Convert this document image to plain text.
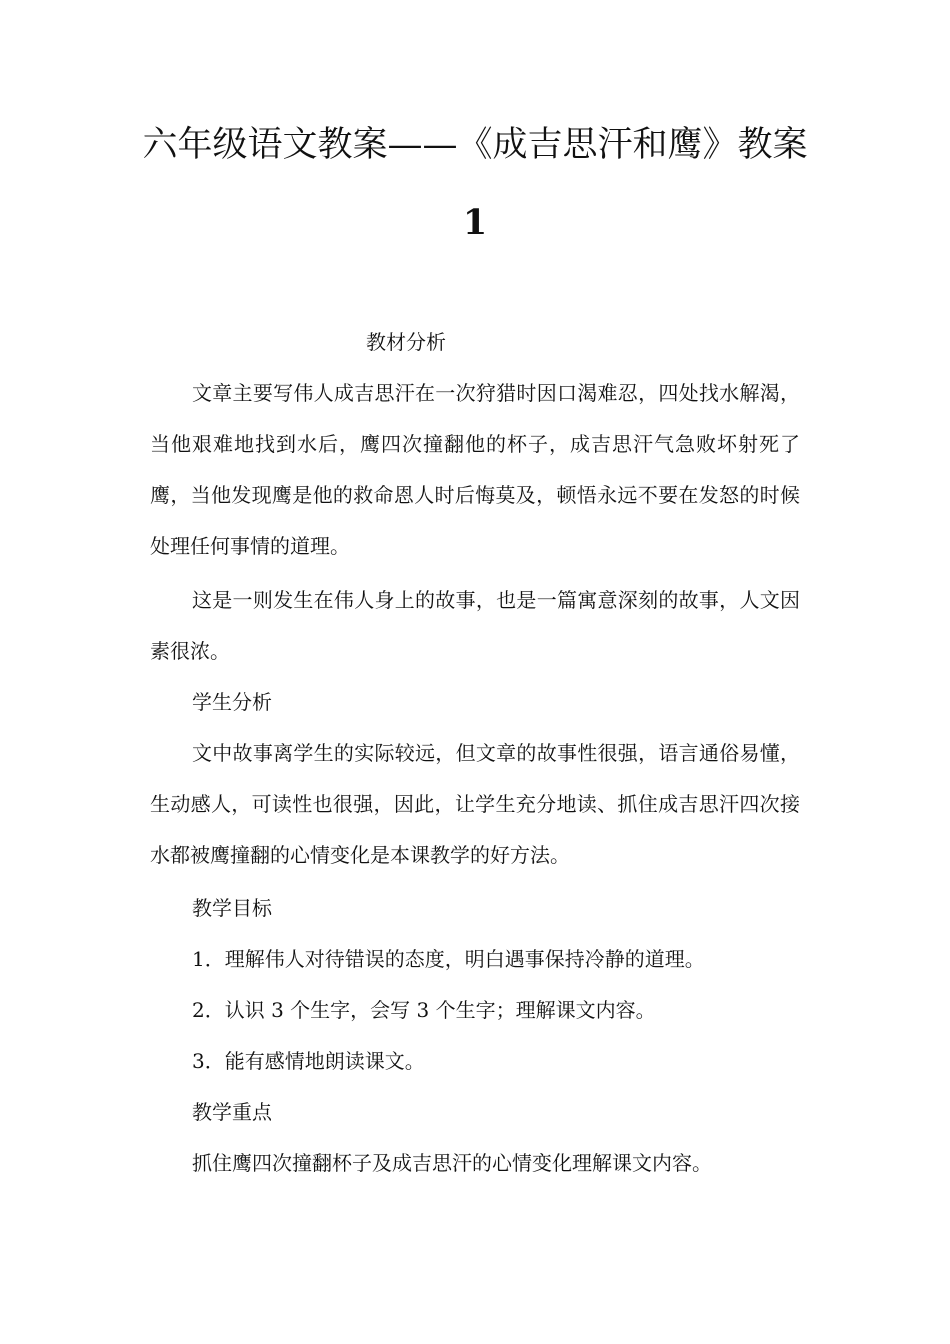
六年级语文教案——《成吉思汗和鹰》教案
1

教材分析

文章主要写伟人成吉思汗在一次狩猎时因口渴难忍，四处找水解渴，当他艰难地找到水后，鹰四次撞翻他的杯子，成吉思汗气急败坏射死了鹰，当他发现鹰是他的救命恩人时后悔莫及，顿悟永远不要在发怒的时候处理任何事情的道理。

这是一则发生在伟人身上的故事，也是一篇寓意深刻的故事，人文因素很浓。

学生分析

文中故事离学生的实际较远，但文章的故事性很强，语言通俗易懂，生动感人，可读性也很强，因此，让学生充分地读、抓住成吉思汗四次接水都被鹰撞翻的心情变化是本课教学的好方法。

教学目标

1．理解伟人对待错误的态度，明白遇事保持冷静的道理。

2．认识 3 个生字，会写 3 个生字；理解课文内容。

3．能有感情地朗读课文。

教学重点

抓住鹰四次撞翻杯子及成吉思汗的心情变化理解课文内容。
